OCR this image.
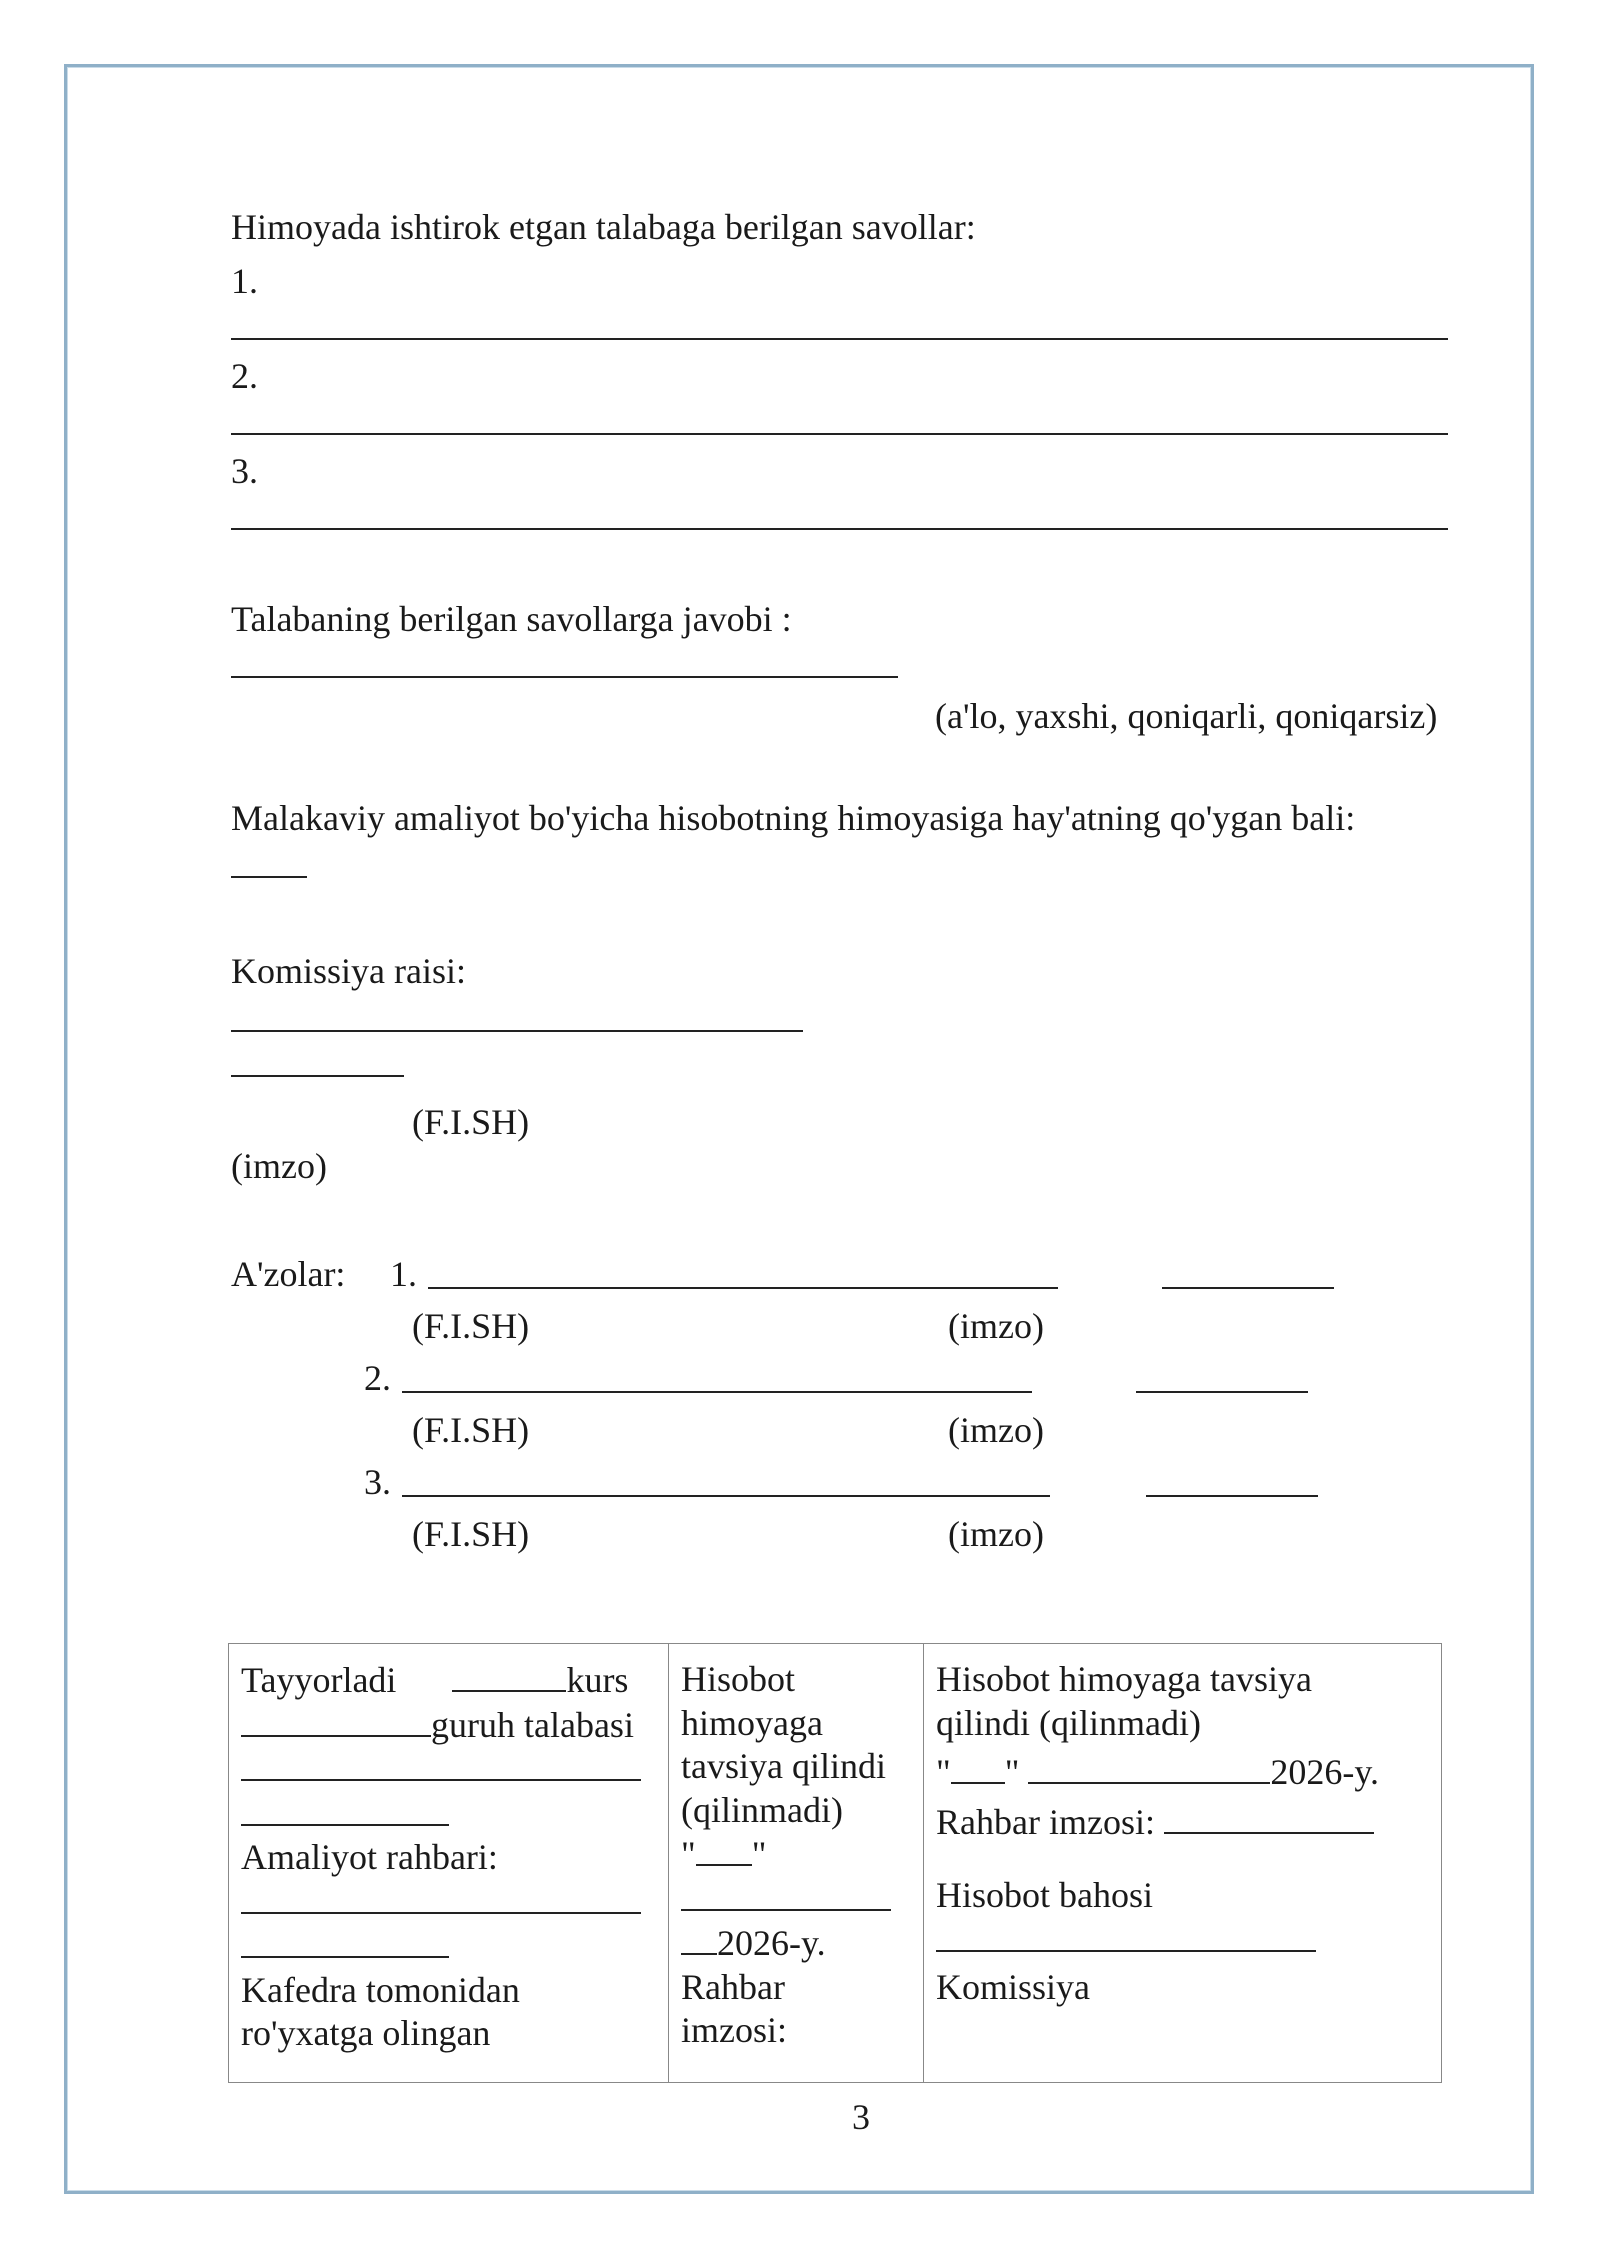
Himoyada ishtirok etgan talabaga berilgan savollar:
1.
2.
3.
Talabaning berilgan savollarga javobi :
(a'lo, yaxshi, qoniqarli, qoniqarsiz)
Malakaviy amaliyot bo'yicha hisobotning himoyasiga hay'atning qo'ygan bali:
Komissiya raisi:
(F.I.SH)
(imzo)
A'zolar: 1.
(F.I.SH)	(imzo)
2.
(F.I.SH)	(imzo)
3.
(F.I.SH)	(imzo)
Tayyorladi	kurs
guruh talabasi
Amaliyot rahbari:
Kafedra tomonidan
ro'yxatga olingan

Hisobot
himoyaga
tavsiya qilindi
(qilinmadi)
" "
2026-y.
Rahbar
imzosi:

Hisobot himoyaga tavsiya
qilindi (qilinmadi)
" "	2026-y.
Rahbar imzosi:
Hisobot bahosi
Komissiya
3
